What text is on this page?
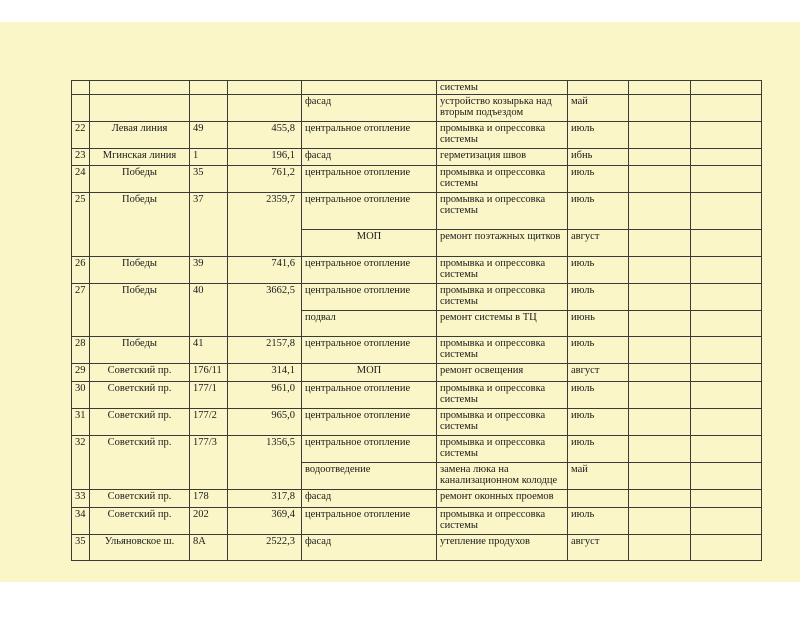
					системы			
				фасад	устройство козырька над вторым подъездом	май		
22	Левая линия	49	455,8	центральное отопление	промывка и опрессовка системы	июль		
23	Мгинская линия	1	196,1	фасад	герметизация швов	ибнь		
24	Победы	35	761,2	центральное отопление	промывка и опрессовка системы	июль		
25	Победы	37	2359,7	центральное отопление	промывка и опрессовка системы	июль		
				МОП	ремонт поэтажных щитков	август		
26	Победы	39	741,6	центральное отопление	промывка и опрессовка системы	июль		
27	Победы	40	3662,5	центральное отопление	промывка и опрессовка системы	июль		
				подвал	ремонт системы в ТЦ	июнь		
28	Победы	41	2157,8	центральное отопление	промывка и опрессовка системы	июль		
29	Советский пр.	176/11	314,1	МОП	ремонт освещения	август		
30	Советский пр.	177/1	961,0	центральное отопление	промывка и опрессовка системы	июль		
31	Советский пр.	177/2	965,0	центральное отопление	промывка и опрессовка системы	июль		
32	Советский пр.	177/3	1356,5	центральное отопление	промывка и опрессовка системы	июль		
				водоотведение	замена люка на канализационном колодце	май		
33	Советский пр.	178	317,8	фасад	ремонт оконных проемов			
34	Советский пр.	202	369,4	центральное отопление	промывка и опрессовка системы	июль		
35	Ульяновское ш.	8А	2522,3	фасад	утепление продухов	август		
